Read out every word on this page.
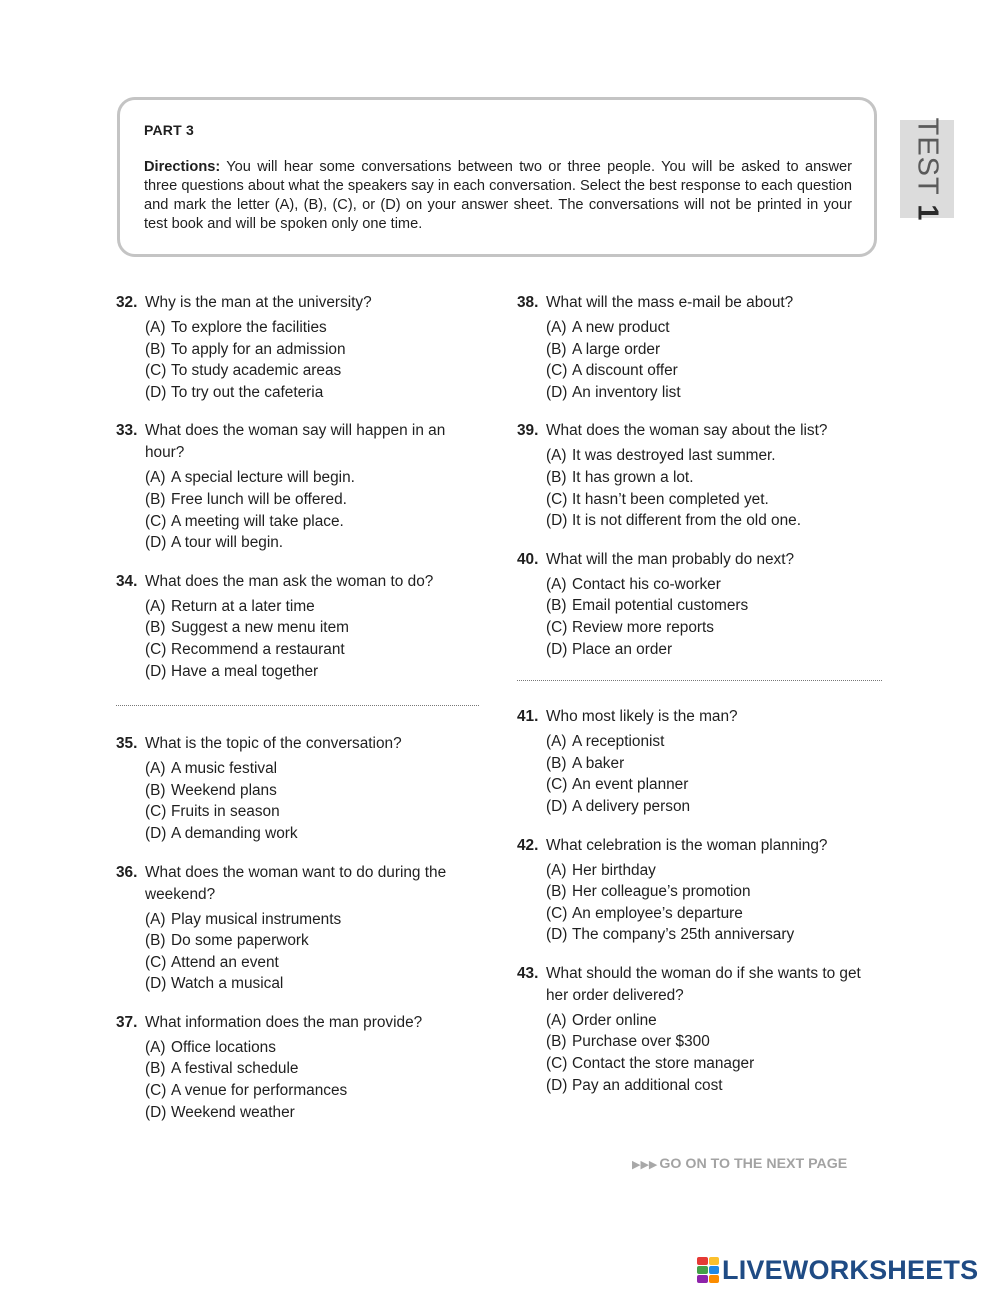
PART 3
Directions: You will hear some conversations between two or three people. You will be asked to answer three questions about what the speakers say in each conversation. Select the best response to each question and mark the letter (A), (B), (C), or (D) on your answer sheet. The conversations will not be printed in your test book and will be spoken only one time.
TEST 1
32. Why is the man at the university?
(A) To explore the facilities
(B) To apply for an admission
(C) To study academic areas
(D) To try out the cafeteria
33. What does the woman say will happen in an hour?
(A) A special lecture will begin.
(B) Free lunch will be offered.
(C) A meeting will take place.
(D) A tour will begin.
34. What does the man ask the woman to do?
(A) Return at a later time
(B) Suggest a new menu item
(C) Recommend a restaurant
(D) Have a meal together
35. What is the topic of the conversation?
(A) A music festival
(B) Weekend plans
(C) Fruits in season
(D) A demanding work
36. What does the woman want to do during the weekend?
(A) Play musical instruments
(B) Do some paperwork
(C) Attend an event
(D) Watch a musical
37. What information does the man provide?
(A) Office locations
(B) A festival schedule
(C) A venue for performances
(D) Weekend weather
38. What will the mass e-mail be about?
(A) A new product
(B) A large order
(C) A discount offer
(D) An inventory list
39. What does the woman say about the list?
(A) It was destroyed last summer.
(B) It has grown a lot.
(C) It hasn’t been completed yet.
(D) It is not different from the old one.
40. What will the man probably do next?
(A) Contact his co-worker
(B) Email potential customers
(C) Review more reports
(D) Place an order
41. Who most likely is the man?
(A) A receptionist
(B) A baker
(C) An event planner
(D) A delivery person
42. What celebration is the woman planning?
(A) Her birthday
(B) Her colleague’s promotion
(C) An employee’s departure
(D) The company’s 25th anniversary
43. What should the woman do if she wants to get her order delivered?
(A) Order online
(B) Purchase over $300
(C) Contact the store manager
(D) Pay an additional cost
▶▶▶ GO ON TO THE NEXT PAGE
LIVEWORKSHEETS
